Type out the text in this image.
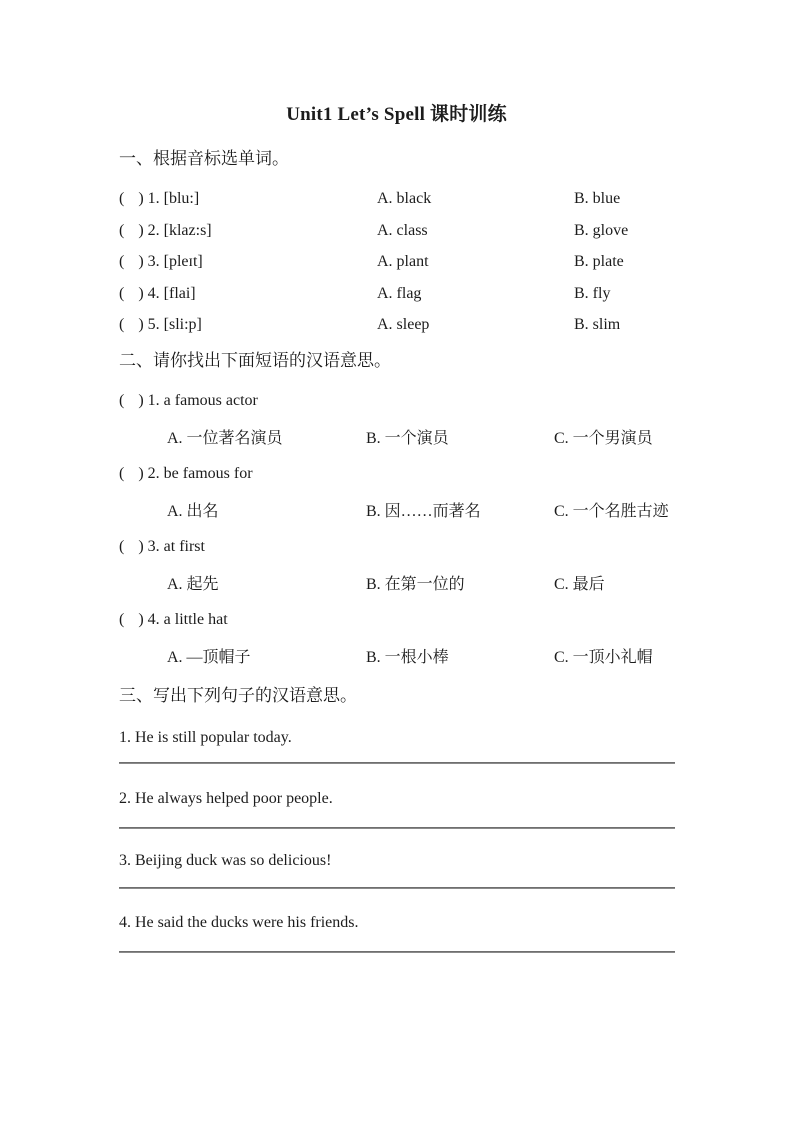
Unit1 Let’s Spell 课时训练
一、根据音标选单词。
( ) 1. [blu:]	A. black	B. blue
( ) 2. [klaz:s]	A. class	B. glove
( ) 3. [pleɪt]	A. plant	B. plate
( ) 4. [flai]	A. flag	B. fly
( ) 5. [sli:p]	A. sleep	B. slim
二、请你找出下面短语的汉语意思。
( )
1.
a famous actor
A. 一位著名演员	B. 一个演员	C. 一个男演员
( )
2.
be famous for
A. 出名	B. 因……而著名	C. 一个名胜古迹
( )
3.
at first
A. 起先	B. 在第一位的	C. 最后
( )
4.
a little hat
A. —顶帽子	B. 一根小棒	C. 一顶小礼帽
三、写出下列句子的汉语意思。
1. He is still popular today.
2. He always helped poor people.
3. Beijing duck was so delicious!
4. He said the ducks were his friends.
